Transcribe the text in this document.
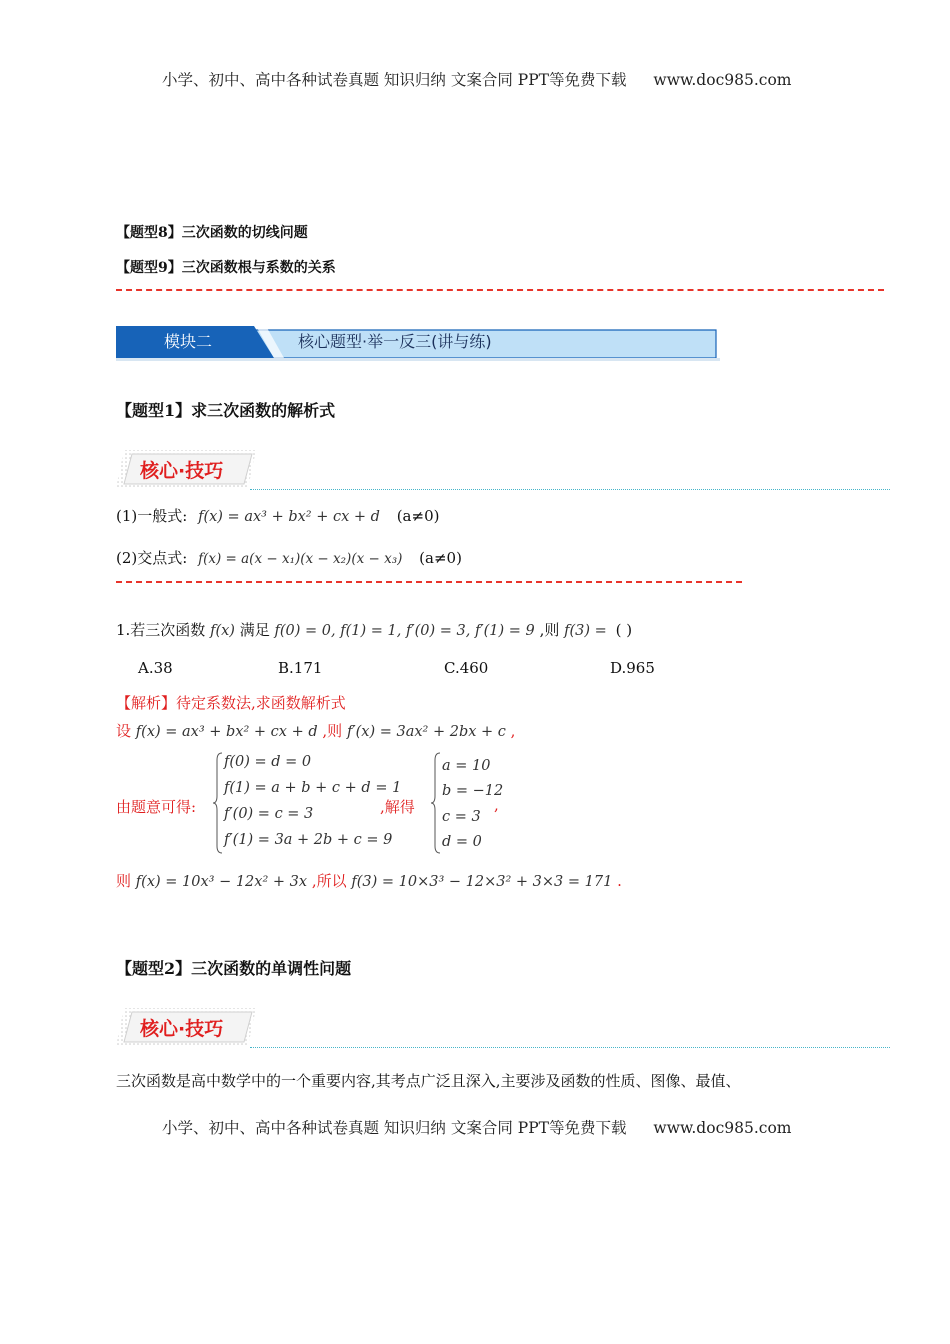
小学、初中、高中各种试卷真题 知识归纳 文案合同 PPT等免费下载 www.doc985.com
【题型8】三次函数的切线问题
【题型9】三次函数根与系数的关系
模块二	核心题型·举一反三(讲与练)
【题型1】求三次函数的解析式
核心·技巧
(1)一般式: f(x) = ax³ + bx² + cx + d (a≠0)
(2)交点式: f(x) = a(x − x₁)(x − x₂)(x − x₃) (a≠0)
1.若三次函数 f(x) 满足 f(0) = 0, f(1) = 1, f′(0) = 3, f′(1) = 9 ,则 f(3) = ( )
A.38	B.171	C.460	D.965
【解析】待定系数法,求函数解析式
设 f(x) = ax³ + bx² + cx + d ,则 f′(x) = 3ax² + 2bx + c ,
由题意可得:
f(0) = d = 0
f(1) = a + b + c + d = 1
f′(0) = c = 3
f′(1) = 3a + 2b + c = 9
,解得
a = 10
b = −12
c = 3
d = 0
,
则 f(x) = 10x³ − 12x² + 3x ,所以 f(3) = 10×3³ − 12×3² + 3×3 = 171 .
【题型2】三次函数的单调性问题
核心·技巧
三次函数是高中数学中的一个重要内容,其考点广泛且深入,主要涉及函数的性质、图像、最值、
小学、初中、高中各种试卷真题 知识归纳 文案合同 PPT等免费下载 www.doc985.com
